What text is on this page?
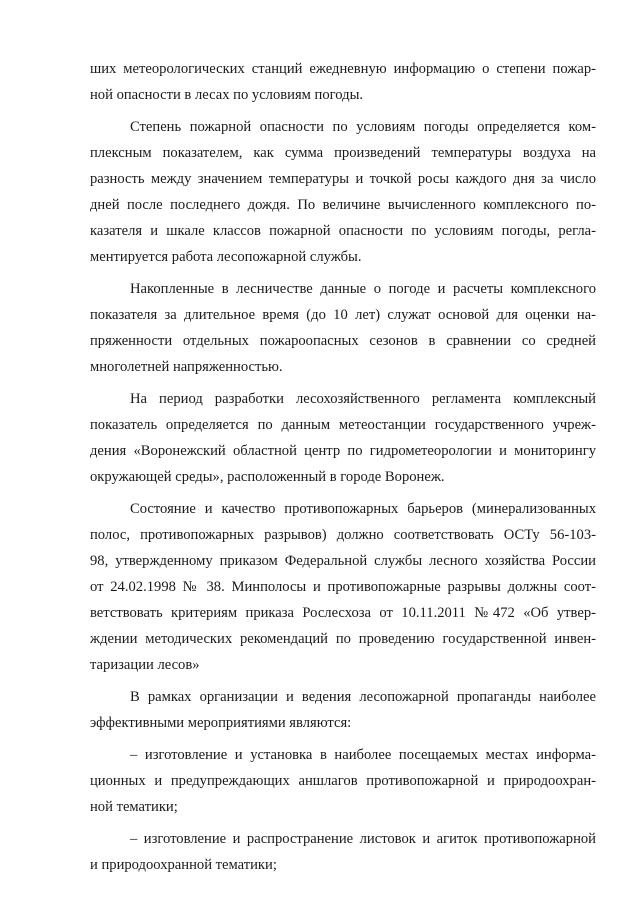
ших метеорологических станций ежедневную информацию о степени пожар-
ной опасности в лесах по условиям погоды.

Степень пожарной опасности по условиям погоды определяется ком-
плексным показателем, как сумма произведений температуры воздуха на
разность между значением температуры и точкой росы каждого дня за число
дней после последнего дождя. По величине вычисленного комплексного по-
казателя и шкале классов пожарной опасности по условиям погоды, регла-
ментируется работа лесопожарной службы.

Накопленные в лесничестве данные о погоде и расчеты комплексного
показателя за длительное время (до 10 лет) служат основой для оценки на-
пряженности отдельных пожароопасных сезонов в сравнении со средней
многолетней напряженностью.

На период разработки лесохозяйственного регламента комплексный
показатель определяется по данным метеостанции государственного учреж-
дения «Воронежский областной центр по гидрометеорологии и мониторингу
окружающей среды», расположенный в городе Воронеж.

Состояние и качество противопожарных барьеров (минерализованных
полос, противопожарных разрывов) должно соответствовать ОСТу 56-103-
98, утвержденному приказом Федеральной службы лесного хозяйства России
от 24.02.1998 № 38. Минполосы и противопожарные разрывы должны соот-
ветствовать критериям приказа Рослесхоза от 10.11.2011 №472 «Об утвер-
ждении методических рекомендаций по проведению государственной инвен-
таризации лесов»

В рамках организации и ведения лесопожарной пропаганды наиболее
эффективными мероприятиями являются:

– изготовление и установка в наиболее посещаемых местах информа-
ционных и предупреждающих аншлагов противопожарной и природоохран-
ной тематики;

– изготовление и распространение листовок и агиток противопожарной
и природоохранной тематики;
